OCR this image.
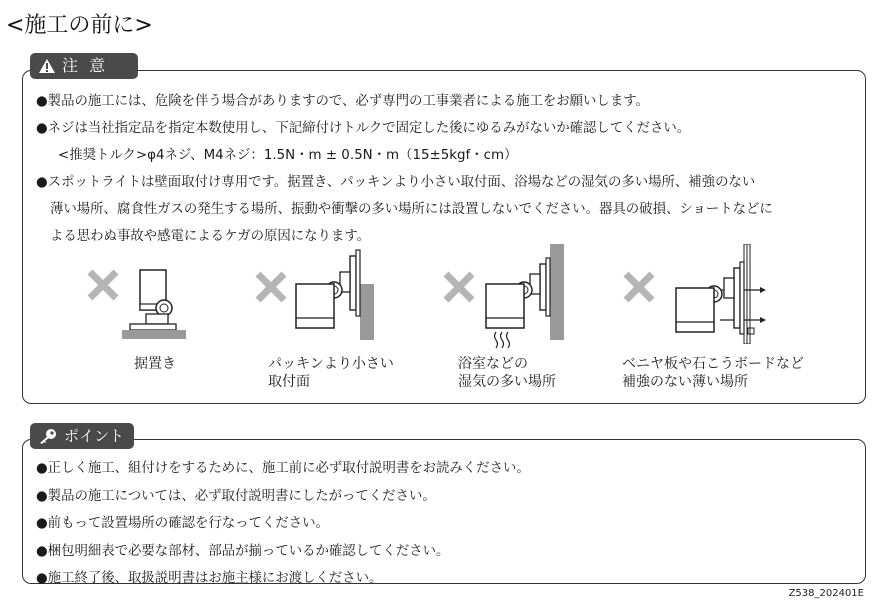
<施工の前に>
注 意
●製品の施工には、危険を伴う場合がありますので、必ず専門の工事業者による施工をお願いします。
●ネジは当社指定品を指定本数使用し、下記締付けトルクで固定した後にゆるみがないか確認してください。
<推奨トルク>φ4ネジ、M4ネジ：1.5N・m ± 0.5N・m（15±5kgf・cm）
●スポットライトは壁面取付け専用です。据置き、パッキンより小さい取付面、浴場などの湿気の多い場所、補強のない
薄い場所、腐食性ガスの発生する場所、振動や衝撃の多い場所には設置しないでください。器具の破損、ショートなどに
よる思わぬ事故や感電によるケガの原因になります。
据置き	パッキンより小さい
取付面
浴室などの
湿気の多い場所
ベニヤ板や石こうボードなど
補強のない薄い場所
ポイント
●正しく施工、組付けをするために、施工前に必ず取付説明書をお読みください。
●製品の施工については、必ず取付説明書にしたがってください。
●前もって設置場所の確認を行なってください。
●梱包明細表で必要な部材、部品が揃っているか確認してください。
●施工終了後、取扱説明書はお施主様にお渡しください。
Z538_202401E
